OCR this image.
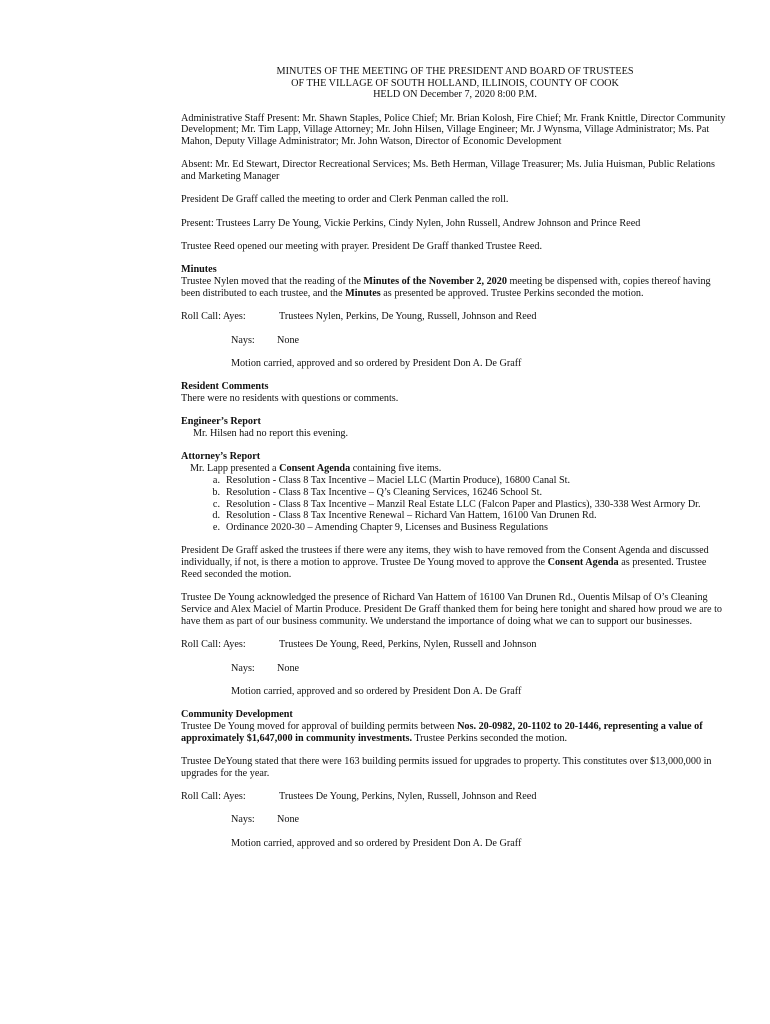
MINUTES OF THE MEETING OF THE PRESIDENT AND BOARD OF TRUSTEES
OF THE VILLAGE OF SOUTH HOLLAND, ILLINOIS, COUNTY OF COOK
HELD ON December 7, 2020 8:00 P.M.

Administrative Staff Present: Mr. Shawn Staples, Police Chief; Mr. Brian Kolosh, Fire Chief; Mr. Frank Knittle, Director Community Development; Mr. Tim Lapp, Village Attorney; Mr. John Hilsen, Village Engineer; Mr. J Wynsma, Village Administrator; Ms. Pat Mahon, Deputy Village Administrator; Mr. John Watson, Director of Economic Development

Absent: Mr. Ed Stewart, Director Recreational Services; Ms. Beth Herman, Village Treasurer; Ms. Julia Huisman, Public Relations and Marketing Manager

President De Graff called the meeting to order and Clerk Penman called the roll.

Present: Trustees Larry De Young, Vickie Perkins, Cindy Nylen, John Russell, Andrew Johnson and Prince Reed

Trustee Reed opened our meeting with prayer. President De Graff thanked Trustee Reed.

Minutes

Trustee Nylen moved that the reading of the Minutes of the November 2, 2020 meeting be dispensed with, copies thereof having been distributed to each trustee, and the Minutes as presented be approved. Trustee Perkins seconded the motion.

Roll Call: Ayes:	Trustees Nylen, Perkins, De Young, Russell, Johnson and Reed
Nays: None
Motion carried, approved and so ordered by President Don A. De Graff
Resident Comments

There were no residents with questions or comments.

Engineer’s Report

Mr. Hilsen had no report this evening.

Attorney’s Report
Mr. Lapp presented a Consent Agenda containing five items.
a. Resolution - Class 8 Tax Incentive – Maciel LLC (Martin Produce), 16800 Canal St.
b. Resolution - Class 8 Tax Incentive – Q’s Cleaning Services, 16246 School St.
c. Resolution - Class 8 Tax Incentive – Manzil Real Estate LLC (Falcon Paper and Plastics), 330-338 West Armory Dr.
d. Resolution - Class 8 Tax Incentive Renewal – Richard Van Hattem, 16100 Van Drunen Rd.
e. Ordinance 2020-30 – Amending Chapter 9, Licenses and Business Regulations

President De Graff asked the trustees if there were any items, they wish to have removed from the Consent Agenda and discussed individually, if not, is there a motion to approve. Trustee De Young moved to approve the Consent Agenda as presented. Trustee Reed seconded the motion.

Trustee De Young acknowledged the presence of Richard Van Hattem of 16100 Van Drunen Rd., Ouentis Milsap of O’s Cleaning Service and Alex Maciel of Martin Produce. President De Graff thanked them for being here tonight and shared how proud we are to have them as part of our business community. We understand the importance of doing what we can to support our businesses.

Roll Call: Ayes:	Trustees De Young, Reed, Perkins, Nylen, Russell and Johnson
Nays: None
Motion carried, approved and so ordered by President Don A. De Graff
Community Development

Trustee De Young moved for approval of building permits between Nos. 20-0982, 20-1102 to 20-1446, representing a value of approximately $1,647,000 in community investments. Trustee Perkins seconded the motion.

Trustee DeYoung stated that there were 163 building permits issued for upgrades to property. This constitutes over $13,000,000 in upgrades for the year.

Roll Call: Ayes:	Trustees De Young, Perkins, Nylen, Russell, Johnson and Reed
Nays: None
Motion carried, approved and so ordered by President Don A. De Graff
